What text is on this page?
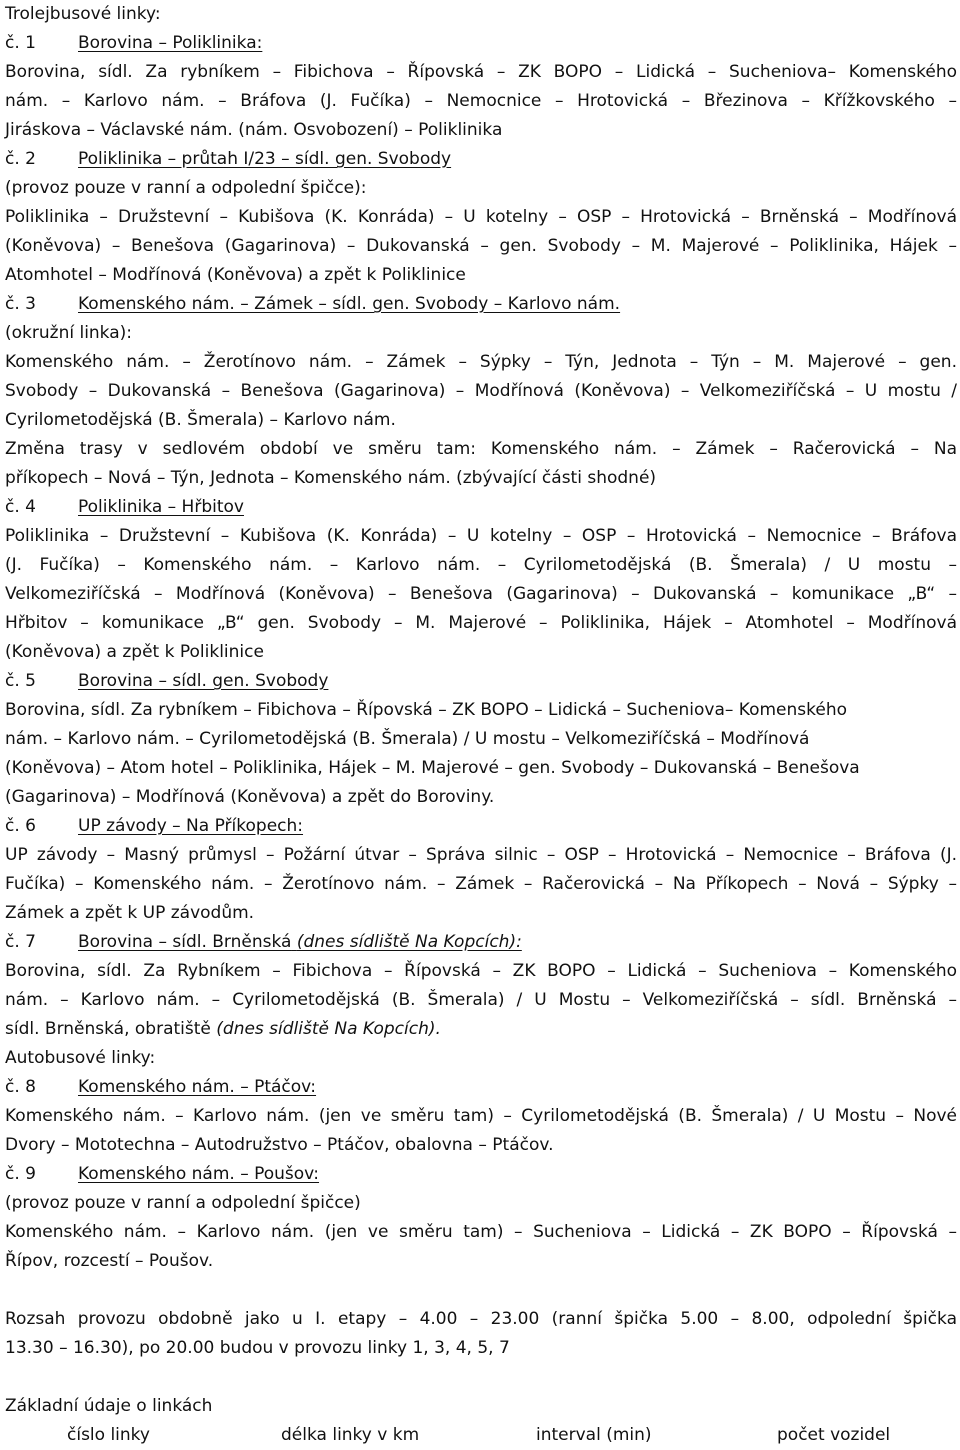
Trolejbusové linky:
č. 1 Borovina – Poliklinika:
Borovina, sídl. Za rybníkem – Fibichova – Řípovská – ZK BOPO – Lidická – Sucheniova– Komenského
nám. – Karlovo nám. – Bráfova (J. Fučíka) – Nemocnice – Hrotovická – Březinova – Křížkovského –
Jiráskova – Václavské nám. (nám. Osvobození) – Poliklinika
č. 2 Poliklinika – průtah I/23 – sídl. gen. Svobody
(provoz pouze v ranní a odpolední špičce):
Poliklinika – Družstevní – Kubišova (K. Konráda) – U kotelny – OSP – Hrotovická – Brněnská – Modřínová
(Koněvova) – Benešova (Gagarinova) – Dukovanská – gen. Svobody – M. Majerové – Poliklinika, Hájek –
Atomhotel – Modřínová (Koněvova) a zpět k Poliklinice
č. 3 Komenského nám. – Zámek – sídl. gen. Svobody – Karlovo nám.
(okružní linka):
Komenského nám. – Žerotínovo nám. – Zámek – Sýpky – Týn, Jednota – Týn – M. Majerové – gen.
Svobody – Dukovanská – Benešova (Gagarinova) – Modřínová (Koněvova) – Velkomeziříčská – U mostu /
Cyrilometodějská (B. Šmerala) – Karlovo nám.
Změna trasy v sedlovém období ve směru tam: Komenského nám. – Zámek – Račerovická – Na
příkopech – Nová – Týn, Jednota – Komenského nám. (zbývající části shodné)
č. 4 Poliklinika – Hřbitov
Poliklinika – Družstevní – Kubišova (K. Konráda) – U kotelny – OSP – Hrotovická – Nemocnice – Bráfova
(J. Fučíka) – Komenského nám. – Karlovo nám. – Cyrilometodějská (B. Šmerala) / U mostu –
Velkomeziříčská – Modřínová (Koněvova) – Benešova (Gagarinova) – Dukovanská – komunikace „B“ –
Hřbitov – komunikace „B“ gen. Svobody – M. Majerové – Poliklinika, Hájek – Atomhotel – Modřínová
(Koněvova) a zpět k Poliklinice
č. 5 Borovina – sídl. gen. Svobody
Borovina, sídl. Za rybníkem – Fibichova – Řípovská – ZK BOPO – Lidická – Sucheniova– Komenského
nám. – Karlovo nám. – Cyrilometodějská (B. Šmerala) / U mostu – Velkomeziříčská – Modřínová
(Koněvova) – Atom hotel – Poliklinika, Hájek – M. Majerové – gen. Svobody – Dukovanská – Benešova
(Gagarinova) – Modřínová (Koněvova) a zpět do Boroviny.
č. 6 UP závody – Na Příkopech:
UP závody – Masný průmysl – Požární útvar – Správa silnic – OSP – Hrotovická – Nemocnice – Bráfova (J.
Fučíka) – Komenského nám. – Žerotínovo nám. – Zámek – Račerovická – Na Příkopech – Nová – Sýpky –
Zámek a zpět k UP závodům.
č. 7 Borovina – sídl. Brněnská (dnes sídliště Na Kopcích):
Borovina, sídl. Za Rybníkem – Fibichova – Řípovská – ZK BOPO – Lidická – Sucheniova – Komenského
nám. – Karlovo nám. – Cyrilometodějská (B. Šmerala) / U Mostu – Velkomeziříčská – sídl. Brněnská –
sídl. Brněnská, obratiště (dnes sídliště Na Kopcích).
Autobusové linky:
č. 8 Komenského nám. – Ptáčov:
Komenského nám. – Karlovo nám. (jen ve směru tam) – Cyrilometodějská (B. Šmerala) / U Mostu – Nové
Dvory – Mototechna – Autodružstvo – Ptáčov, obalovna – Ptáčov.
č. 9 Komenského nám. – Poušov:
(provoz pouze v ranní a odpolední špičce)
Komenského nám. – Karlovo nám. (jen ve směru tam) – Sucheniova – Lidická – ZK BOPO – Řípovská –
Řípov, rozcestí – Poušov.
Rozsah provozu obdobně jako u I. etapy – 4.00 – 23.00 (ranní špička 5.00 – 8.00, odpolední špička
13.30 – 16.30), po 20.00 budou v provozu linky 1, 3, 4, 5, 7
Základní údaje o linkách
číslo linky	délka linky v km	interval (min)	počet vozidel
